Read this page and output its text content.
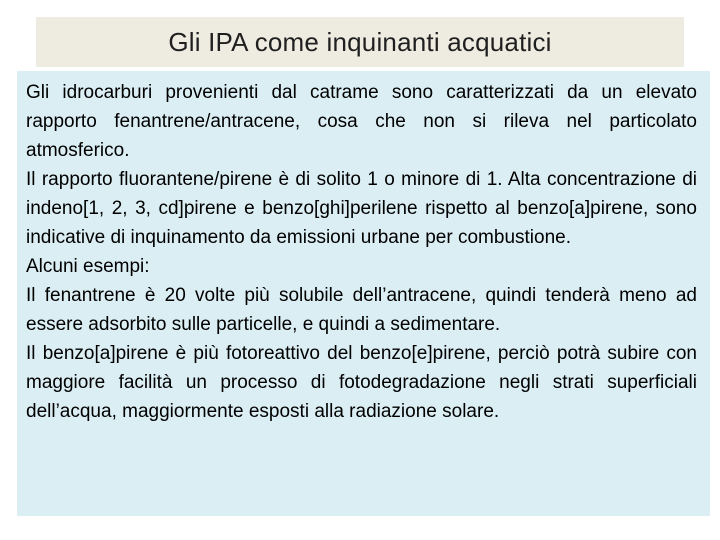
Gli IPA come inquinanti acquatici

Gli idrocarburi provenienti dal catrame sono caratterizzati da un elevato rapporto fenantrene/antracene, cosa che non si rileva nel particolato atmosferico.

Il rapporto fluorantene/pirene è di solito 1 o minore di 1. Alta concentrazione di indeno[1, 2, 3, cd]pirene e benzo[ghi]perilene rispetto al benzo[a]pirene, sono indicative di inquinamento da emissioni urbane per combustione.

Alcuni esempi:

Il fenantrene è 20 volte più solubile dell’antracene, quindi tenderà meno ad essere adsorbito sulle particelle, e quindi a sedimentare.

Il benzo[a]pirene è più fotoreattivo del benzo[e]pirene, perciò potrà subire con maggiore facilità un processo di fotodegradazione negli strati superficiali dell’acqua, maggiormente esposti alla radiazione solare.
